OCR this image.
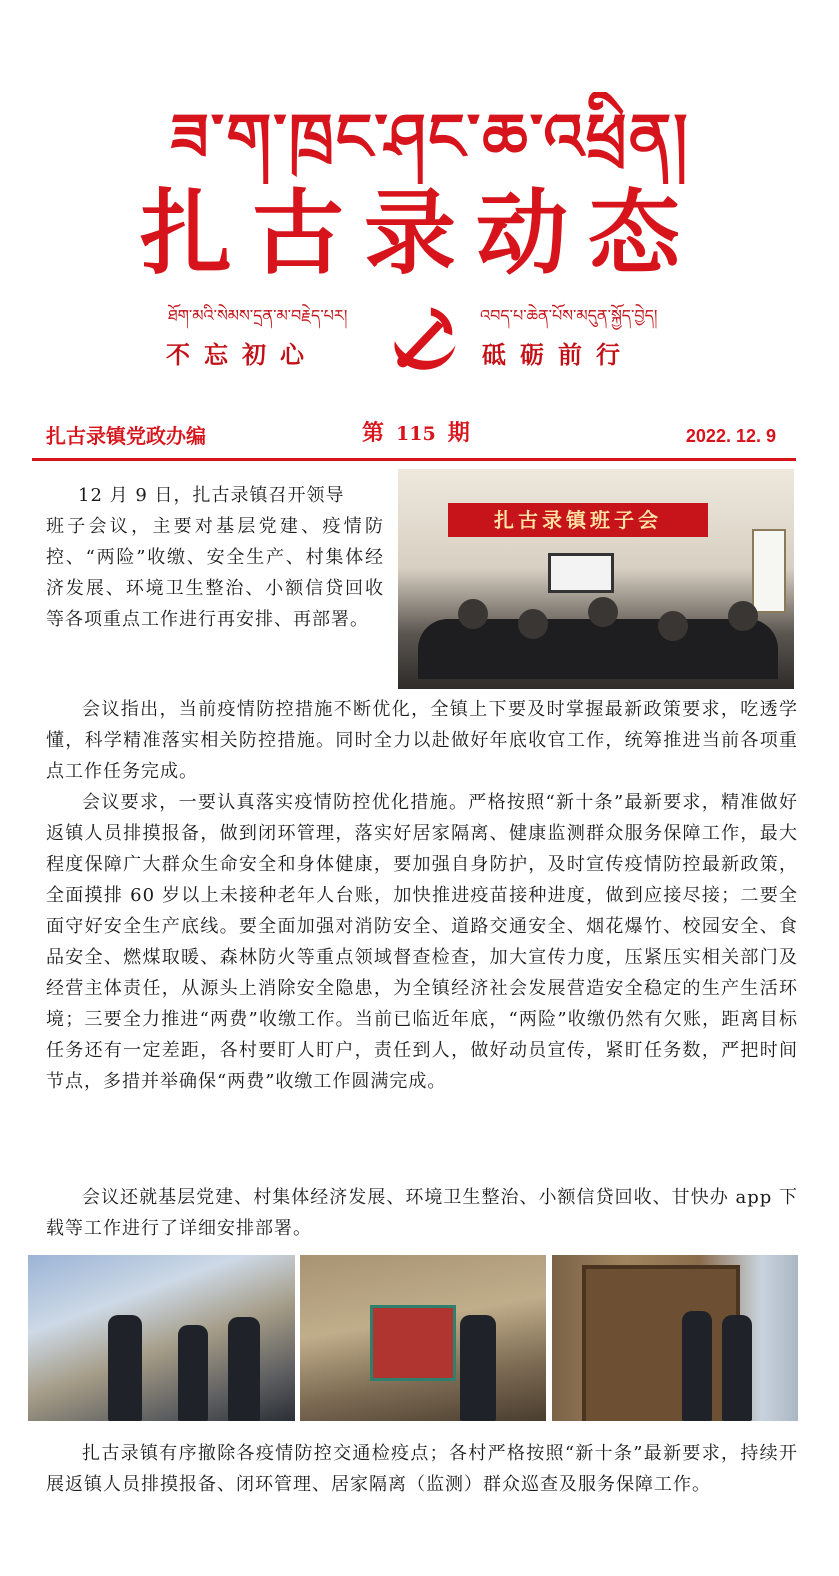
ཟ་ག་ཁྲང་ཤང་ཆ་འཕྲིན།
扎古录动态
ཐོག་མའི་སེམས་དྲན་མ་བརྗེད་པར།	འབད་པ་ཆེན་པོས་མདུན་སྐྱོད་བྱེད།
不忘初心	砥砺前行
扎古录镇党政办编	第 115 期	2022. 12. 9

12 月 9 日，扎古录镇召开领导

班子会议，主要对基层党建、疫情防控、“两险”收缴、安全生产、村集体经济发展、环境卫生整治、小额信贷回收等各项重点工作进行再安排、再部署。

扎古录镇班子会

会议指出，当前疫情防控措施不断优化，全镇上下要及时掌握最新政策要求，吃透学懂，科学精准落实相关防控措施。同时全力以赴做好年底收官工作，统筹推进当前各项重点工作任务完成。

会议要求，一要认真落实疫情防控优化措施。严格按照“新十条”最新要求，精准做好返镇人员排摸报备，做到闭环管理，落实好居家隔离、健康监测群众服务保障工作，最大程度保障广大群众生命安全和身体健康，要加强自身防护，及时宣传疫情防控最新政策，全面摸排 60 岁以上未接种老年人台账，加快推进疫苗接种进度，做到应接尽接；二要全面守好安全生产底线。要全面加强对消防安全、道路交通安全、烟花爆竹、校园安全、食品安全、燃煤取暖、森林防火等重点领域督查检查，加大宣传力度，压紧压实相关部门及经营主体责任，从源头上消除安全隐患，为全镇经济社会发展营造安全稳定的生产生活环境；三要全力推进“两费”收缴工作。当前已临近年底，“两险”收缴仍然有欠账，距离目标任务还有一定差距，各村要盯人盯户，责任到人，做好动员宣传，紧盯任务数，严把时间节点，多措并举确保“两费”收缴工作圆满完成。

会议还就基层党建、村集体经济发展、环境卫生整治、小额信贷回收、甘快办 app 下载等工作进行了详细安排部署。

扎古录镇有序撤除各疫情防控交通检疫点；各村严格按照“新十条”最新要求，持续开展返镇人员排摸报备、闭环管理、居家隔离（监测）群众巡查及服务保障工作。
